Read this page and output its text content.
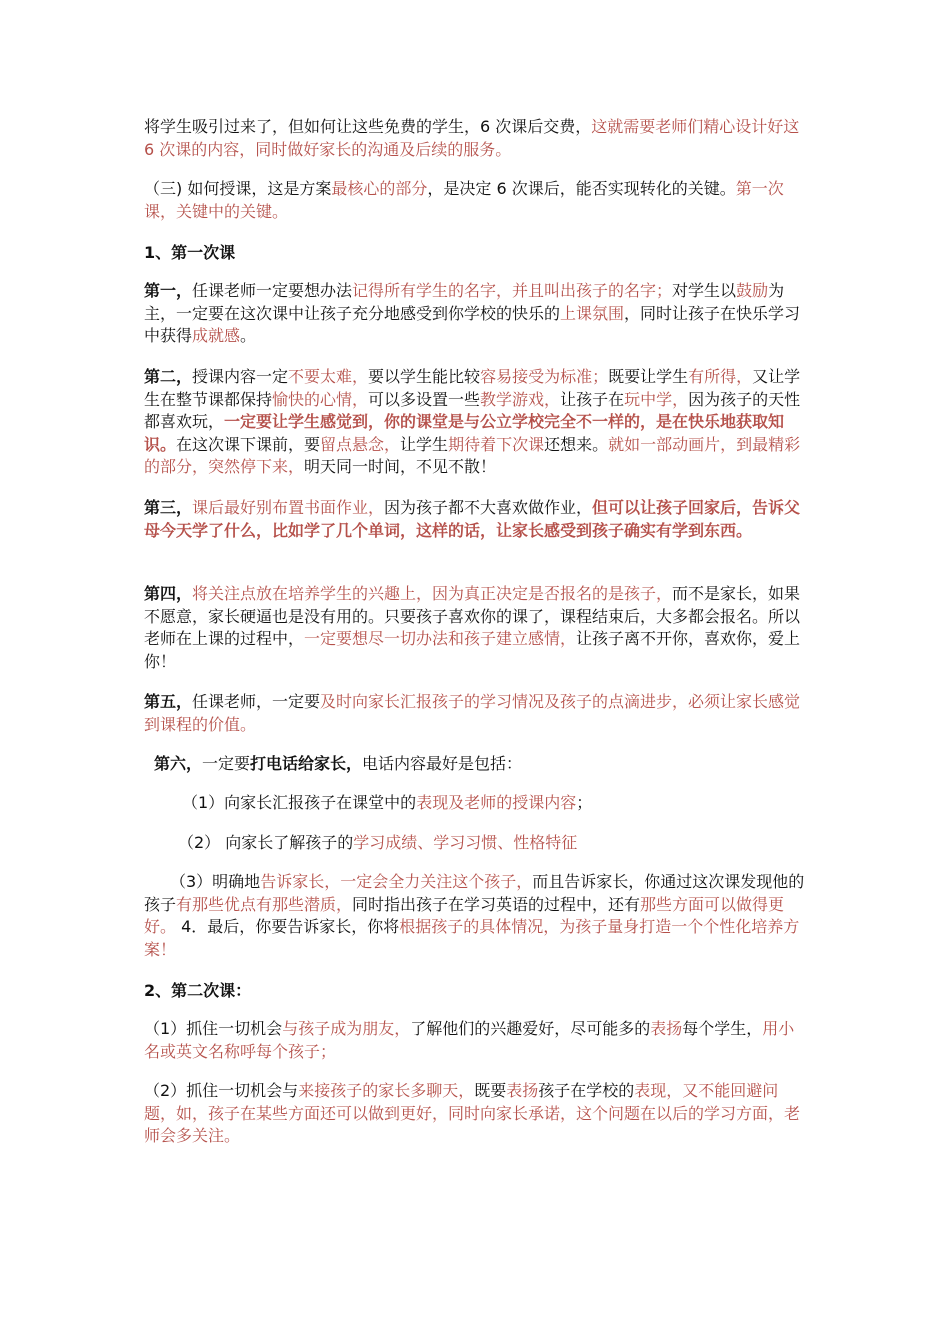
将学生吸引过来了，但如何让这些免费的学生，6 次课后交费，这就需要老师们精心设计好这 6 次课的内容，同时做好家长的沟通及后续的服务。

（三) 如何授课，这是方案最核心的部分，是决定 6 次课后，能否实现转化的关键。第一次课，关键中的关键。

1、第一次课

第一，任课老师一定要想办法记得所有学生的名字，并且叫出孩子的名字；对学生以鼓励为主，一定要在这次课中让孩子充分地感受到你学校的快乐的上课氛围，同时让孩子在快乐学习中获得成就感。

第二，授课内容一定不要太难，要以学生能比较容易接受为标准；既要让学生有所得，又让学生在整节课都保持愉快的心情，可以多设置一些教学游戏，让孩子在玩中学，因为孩子的天性都喜欢玩，一定要让学生感觉到，你的课堂是与公立学校完全不一样的，是在快乐地获取知识。在这次课下课前，要留点悬念，让学生期待着下次课还想来。就如一部动画片，到最精彩的部分，突然停下来，明天同一时间，不见不散！

第三，课后最好别布置书面作业，因为孩子都不大喜欢做作业，但可以让孩子回家后，告诉父母今天学了什么，比如学了几个单词，这样的话，让家长感受到孩子确实有学到东西。

第四，将关注点放在培养学生的兴趣上，因为真正决定是否报名的是孩子，而不是家长，如果不愿意，家长硬逼也是没有用的。只要孩子喜欢你的课了，课程结束后，大多都会报名。所以老师在上课的过程中，一定要想尽一切办法和孩子建立感情，让孩子离不开你，喜欢你，爱上你！

第五，任课老师，一定要及时向家长汇报孩子的学习情况及孩子的点滴进步，必须让家长感觉到课程的价值。

第六，一定要打电话给家长，电话内容最好是包括：

（1）向家长汇报孩子在课堂中的表现及老师的授课内容；

（2） 向家长了解孩子的学习成绩、学习习惯、性格特征

（3）明确地告诉家长，一定会全力关注这个孩子，而且告诉家长，你通过这次课发现他的孩子有那些优点有那些潜质，同时指出孩子在学习英语的过程中，还有那些方面可以做得更好。 4．最后，你要告诉家长，你将根据孩子的具体情况，为孩子量身打造一个个性化培养方案！

2、第二次课：

（1）抓住一切机会与孩子成为朋友，了解他们的兴趣爱好，尽可能多的表扬每个学生，用小名或英文名称呼每个孩子；

（2）抓住一切机会与来接孩子的家长多聊天，既要表扬孩子在学校的表现，又不能回避问题，如，孩子在某些方面还可以做到更好，同时向家长承诺，这个问题在以后的学习方面，老师会多关注。
